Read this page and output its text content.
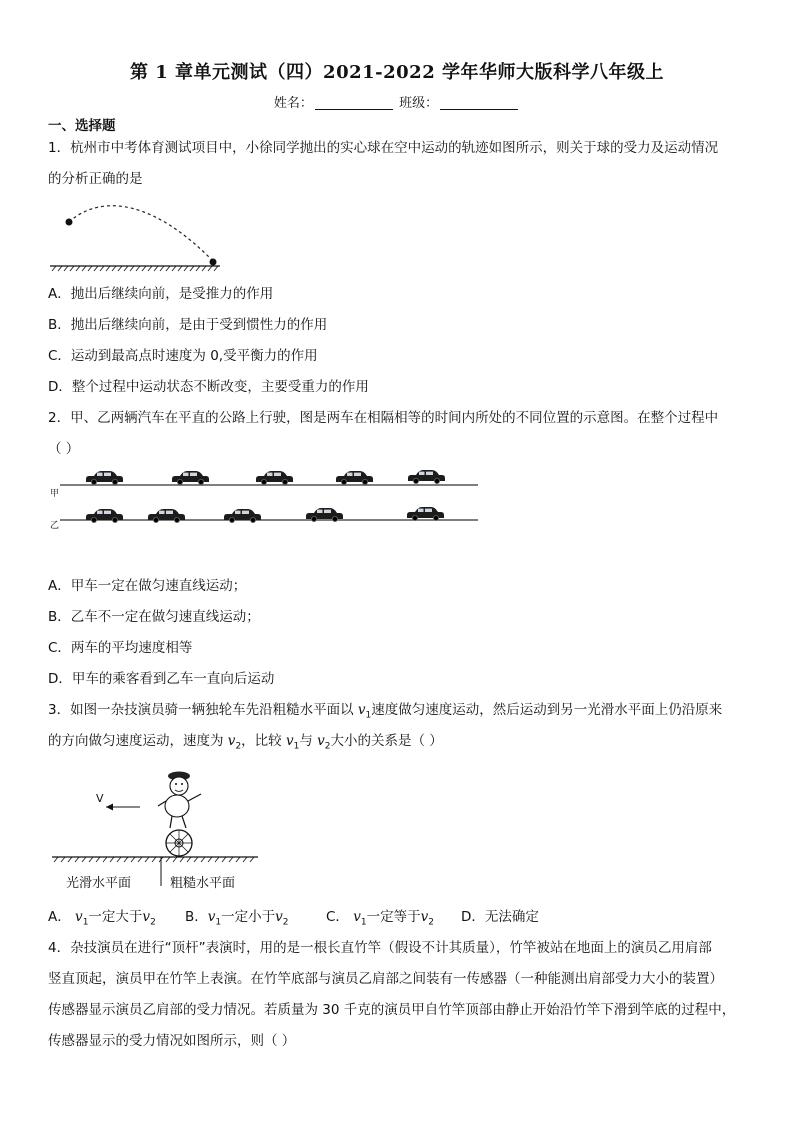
第 1 章单元测试（四）2021-2022 学年华师大版科学八年级上
姓名：	班级：
一、选择题
1．杭州市中考体育测试项目中，小徐同学抛出的实心球在空中运动的轨迹如图所示，则关于球的受力及运动情况
的分析正确的是
A．抛出后继续向前，是受推力的作用
B．抛出后继续向前，是由于受到惯性力的作用
C．运动到最高点时速度为 0,受平衡力的作用
D．整个过程中运动状态不断改变，主要受重力的作用
2．甲、乙两辆汽车在平直的公路上行驶，图是两车在相隔相等的时间内所处的不同位置的示意图。在整个过程中
（ ）
甲
乙
A．甲车一定在做匀速直线运动；
B．乙车不一定在做匀速直线运动；
C．两车的平均速度相等
D．甲车的乘客看到乙车一直向后运动
3．如图一杂技演员骑一辆独轮车先沿粗糙水平面以 $v_1$速度做匀速度运动，然后运动到另一光滑水平面上仍沿原来
的方向做匀速度运动，速度为 $v_2$，比较 $v_1$与 $v_2$大小的关系是（ ）
V
光滑水平面	粗糙水平面
A． $v_1$一定大于$v_2$ B．$v_1$一定小于$v_2$	C． $v_1$一定等于$v_2$ D．无法确定
4．杂技演员在进行“顶杆”表演时，用的是一根长直竹竿（假设不计其质量），竹竿被站在地面上的演员乙用肩部
竖直顶起，演员甲在竹竿上表演。在竹竿底部与演员乙肩部之间装有一传感器（一种能测出肩部受力大小的装置）
传感器显示演员乙肩部的受力情况。若质量为 30 千克的演员甲自竹竿顶部由静止开始沿竹竿下滑到竿底的过程中，
传感器显示的受力情况如图所示，则（ ）
